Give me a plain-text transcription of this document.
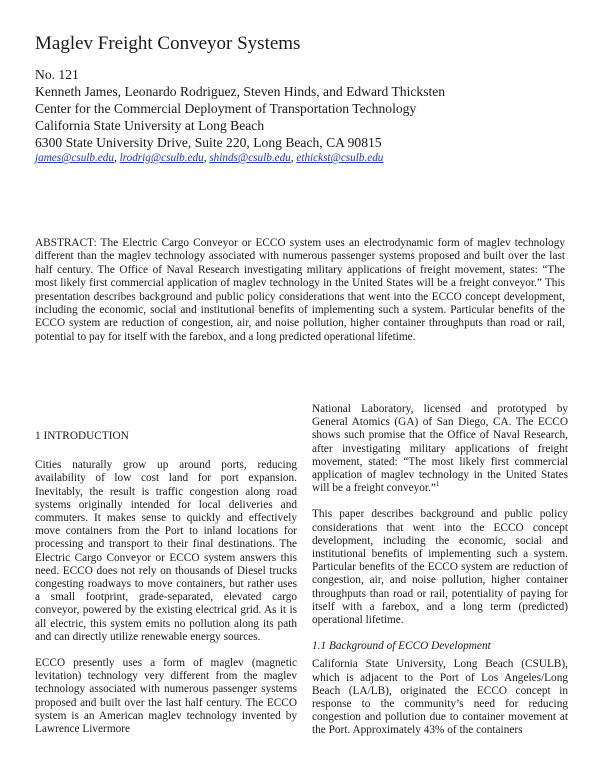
Maglev Freight Conveyor Systems
No. 121
Kenneth James, Leonardo Rodriguez, Steven Hinds, and Edward Thicksten
Center for the Commercial Deployment of Transportation Technology
California State University at Long Beach
6300 State University Drive, Suite 220, Long Beach, CA 90815
james@csulb.edu, lrodrig@csulb.edu, shinds@csulb.edu, ethickst@csulb.edu
ABSTRACT: The Electric Cargo Conveyor or ECCO system uses an electrodynamic form of maglev technology different than the maglev technology associated with numerous passenger systems proposed and built over the last half century. The Office of Naval Research investigating military applications of freight movement, states: “The most likely first commercial application of maglev technology in the United States will be a freight conveyor.” This presentation describes background and public policy considerations that went into the ECCO concept development, including the economic, social and institutional benefits of implementing such a system. Particular benefits of the ECCO system are reduction of congestion, air, and noise pollution, higher container throughputs than road or rail, potential to pay for itself with the farebox, and a long predicted operational lifetime.
1 INTRODUCTION

Cities naturally grow up around ports, reducing availability of low cost land for port expansion. Inevitably, the result is traffic congestion along road systems originally intended for local deliveries and commuters. It makes sense to quickly and effectively move containers from the Port to inland locations for processing and transport to their final destinations. The Electric Cargo Conveyor or ECCO system answers this need. ECCO does not rely on thousands of Diesel trucks congesting roadways to move containers, but rather uses a small footprint, grade-separated, elevated cargo conveyor, powered by the existing electrical grid. As it is all electric, this system emits no pollution along its path and can directly utilize renewable energy sources.

ECCO presently uses a form of maglev (magnetic levitation) technology very different from the maglev technology associated with numerous passenger systems proposed and built over the last half century. The ECCO system is an American maglev technology invented by Lawrence Livermore

National Laboratory, licensed and prototyped by General Atomics (GA) of San Diego, CA. The ECCO shows such promise that the Office of Naval Research, after investigating military applications of freight movement, stated: “The most likely first commercial application of maglev technology in the United States will be a freight conveyor.”$^1$

This paper describes background and public policy considerations that went into the ECCO concept development, including the economic, social and institutional benefits of implementing such a system. Particular benefits of the ECCO system are reduction of congestion, air, and noise pollution, higher container throughputs than road or rail, potentiality of paying for itself with a farebox, and a long term (predicted) operational lifetime.

1.1 Background of ECCO Development

California State University, Long Beach (CSULB), which is adjacent to the Port of Los Angeles/Long Beach (LA/LB), originated the ECCO concept in response to the community’s need for reducing congestion and pollution due to container movement at the Port. Approximately 43% of the containers
